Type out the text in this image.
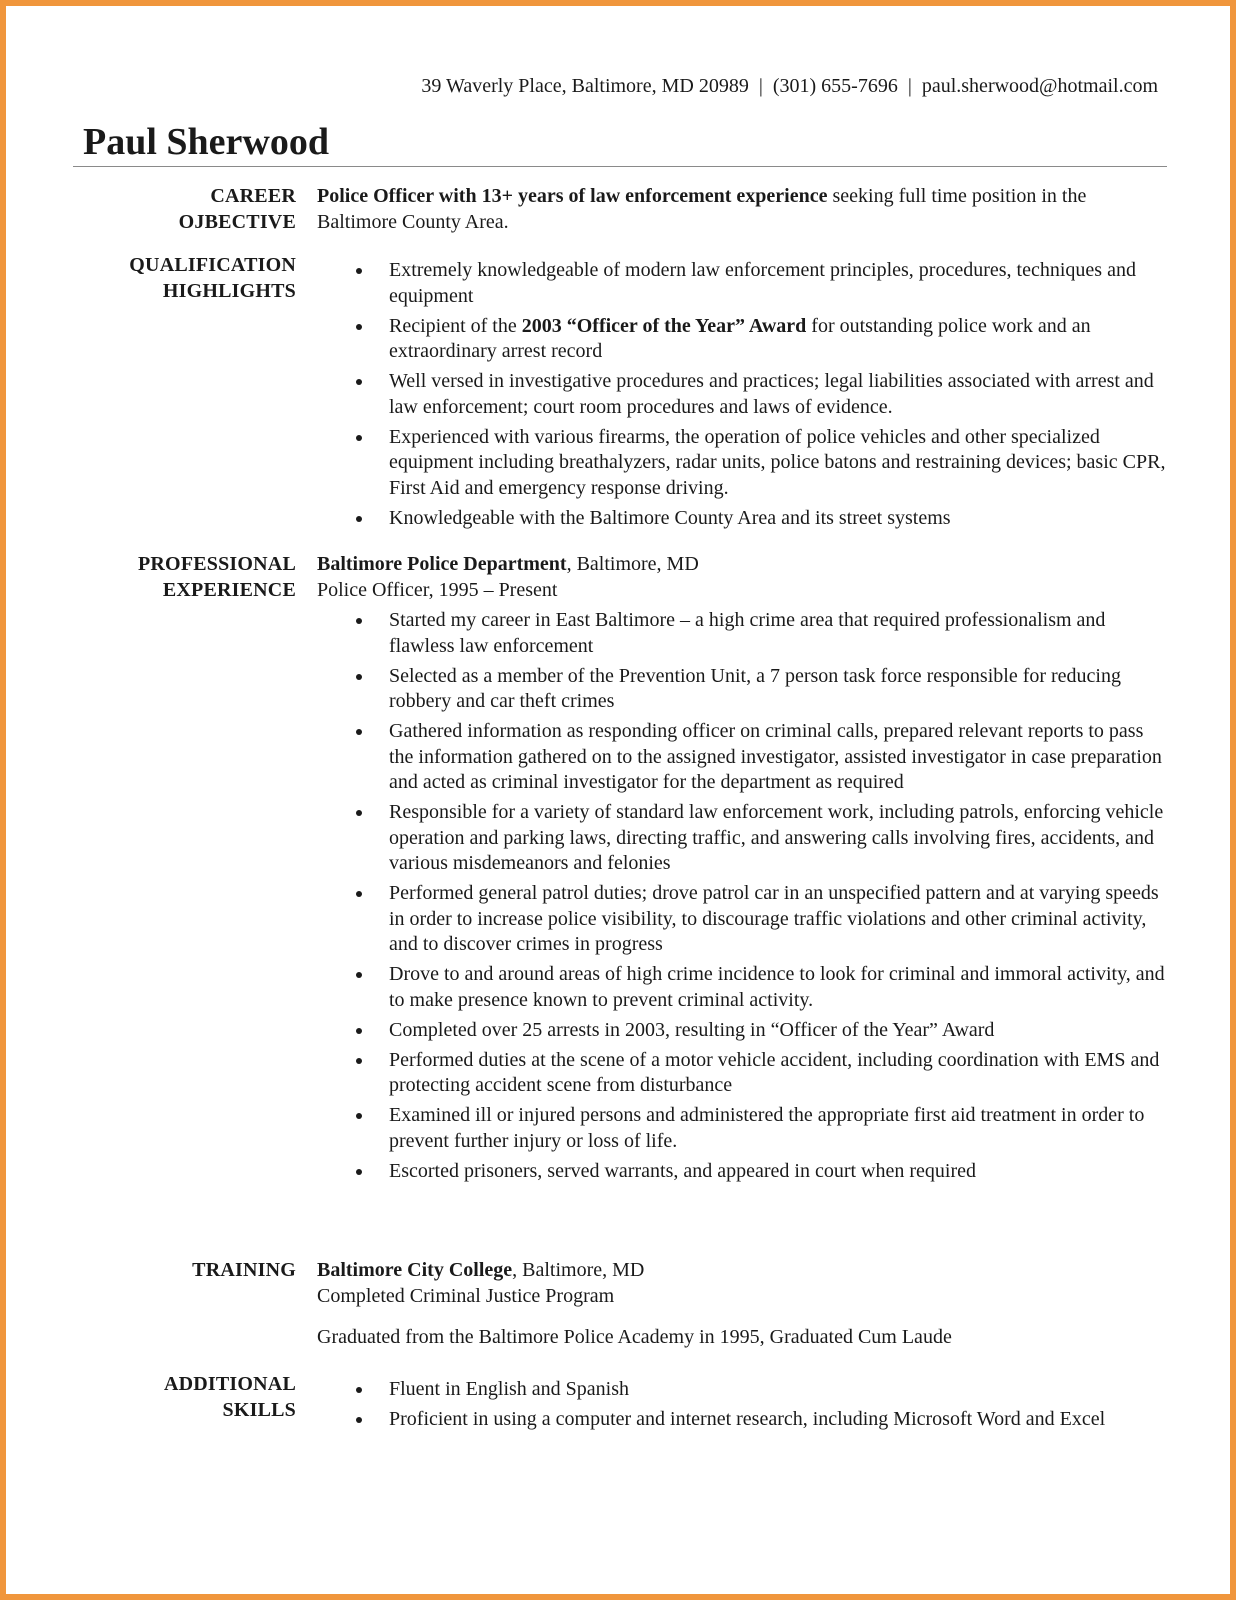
39 Waverly Place, Baltimore, MD 20989 | (301) 655-7696 | paul.sherwood@hotmail.com
Paul Sherwood
CAREER
OJBECTIVE

Police Officer with 13+ years of law enforcement experience seeking full time position in the Baltimore County Area.

QUALIFICATION
HIGHLIGHTS
Extremely knowledgeable of modern law enforcement principles, procedures, techniques and equipment
Recipient of the 2003 “Officer of the Year” Award for outstanding police work and an extraordinary arrest record
Well versed in investigative procedures and practices; legal liabilities associated with arrest and law enforcement; court room procedures and laws of evidence.
Experienced with various firearms, the operation of police vehicles and other specialized equipment including breathalyzers, radar units, police batons and restraining devices; basic CPR, First Aid and emergency response driving.
Knowledgeable with the Baltimore County Area and its street systems
PROFESSIONAL
EXPERIENCE

Baltimore Police Department, Baltimore, MD

Police Officer, 1995 – Present

Started my career in East Baltimore – a high crime area that required professionalism and flawless law enforcement
Selected as a member of the Prevention Unit, a 7 person task force responsible for reducing robbery and car theft crimes
Gathered information as responding officer on criminal calls, prepared relevant reports to pass the information gathered on to the assigned investigator, assisted investigator in case preparation and acted as criminal investigator for the department as required
Responsible for a variety of standard law enforcement work, including patrols, enforcing vehicle operation and parking laws, directing traffic, and answering calls involving fires, accidents, and various misdemeanors and felonies
Performed general patrol duties; drove patrol car in an unspecified pattern and at varying speeds in order to increase police visibility, to discourage traffic violations and other criminal activity, and to discover crimes in progress
Drove to and around areas of high crime incidence to look for criminal and immoral activity, and to make presence known to prevent criminal activity.
Completed over 25 arrests in 2003, resulting in “Officer of the Year” Award
Performed duties at the scene of a motor vehicle accident, including coordination with EMS and protecting accident scene from disturbance
Examined ill or injured persons and administered the appropriate first aid treatment in order to prevent further injury or loss of life.
Escorted prisoners, served warrants, and appeared in court when required
TRAINING Baltimore City College, Baltimore, MD

Completed Criminal Justice Program

Graduated from the Baltimore Police Academy in 1995, Graduated Cum Laude

ADDITIONAL
SKILLS
Fluent in English and Spanish
Proficient in using a computer and internet research, including Microsoft Word and Excel
